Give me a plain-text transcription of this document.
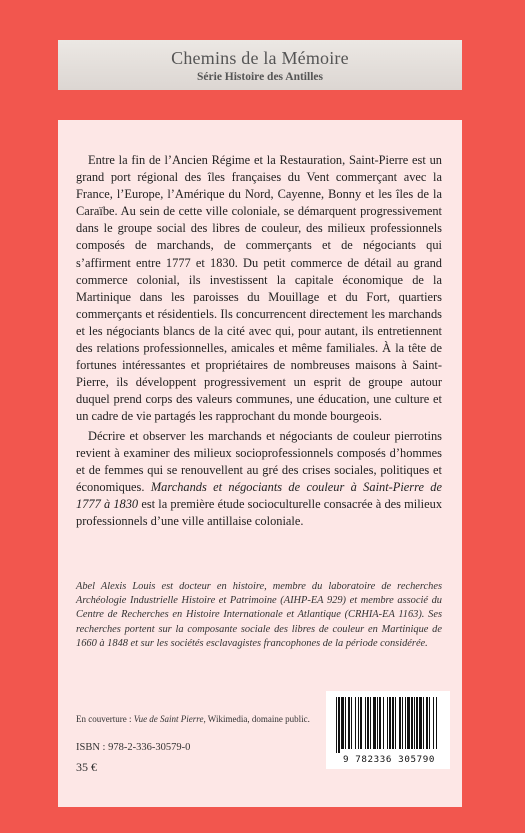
Chemins de la Mémoire
Série Histoire des Antilles

Entre la fin de l’Ancien Régime et la Restauration, Saint-Pierre est un grand port régional des îles françaises du Vent commerçant avec la France, l’Europe, l’Amérique du Nord, Cayenne, Bonny et les îles de la Caraïbe. Au sein de cette ville coloniale, se démarquent progressivement dans le groupe social des libres de couleur, des milieux professionnels composés de marchands, de commerçants et de négociants qui s’affirment entre 1777 et 1830. Du petit commerce de détail au grand commerce colonial, ils investissent la capitale économique de la Martinique dans les paroisses du Mouillage et du Fort, quartiers commerçants et résidentiels. Ils concurrencent directement les marchands et les négociants blancs de la cité avec qui, pour autant, ils entretiennent des relations professionnelles, amicales et même familiales. À la tête de fortunes intéressantes et propriétaires de nombreuses maisons à Saint-Pierre, ils développent progressivement un esprit de groupe autour duquel prend corps des valeurs communes, une éducation, une culture et un cadre de vie partagés les rapprochant du monde bourgeois.

Décrire et observer les marchands et négociants de couleur pierrotins revient à examiner des milieux socioprofessionnels composés d’hommes et de femmes qui se renouvellent au gré des crises sociales, politiques et économiques. Marchands et négociants de couleur à Saint-Pierre de 1777 à 1830 est la première étude socioculturelle consacrée à des milieux professionnels d’une ville antillaise coloniale.

Abel Alexis Louis est docteur en histoire, membre du laboratoire de recherches Archéologie Industrielle Histoire et Patrimoine (AIHP-EA 929) et membre associé du Centre de Recherches en Histoire Internationale et Atlantique (CRHIA-EA 1163). Ses recherches portent sur la composante sociale des libres de couleur en Martinique de 1660 à 1848 et sur les sociétés esclavagistes francophones de la période considérée.
En couverture : Vue de Saint Pierre, Wikimedia, domaine public.
ISBN : 978-2-336-30579-0
35 €
9 782336 305790
